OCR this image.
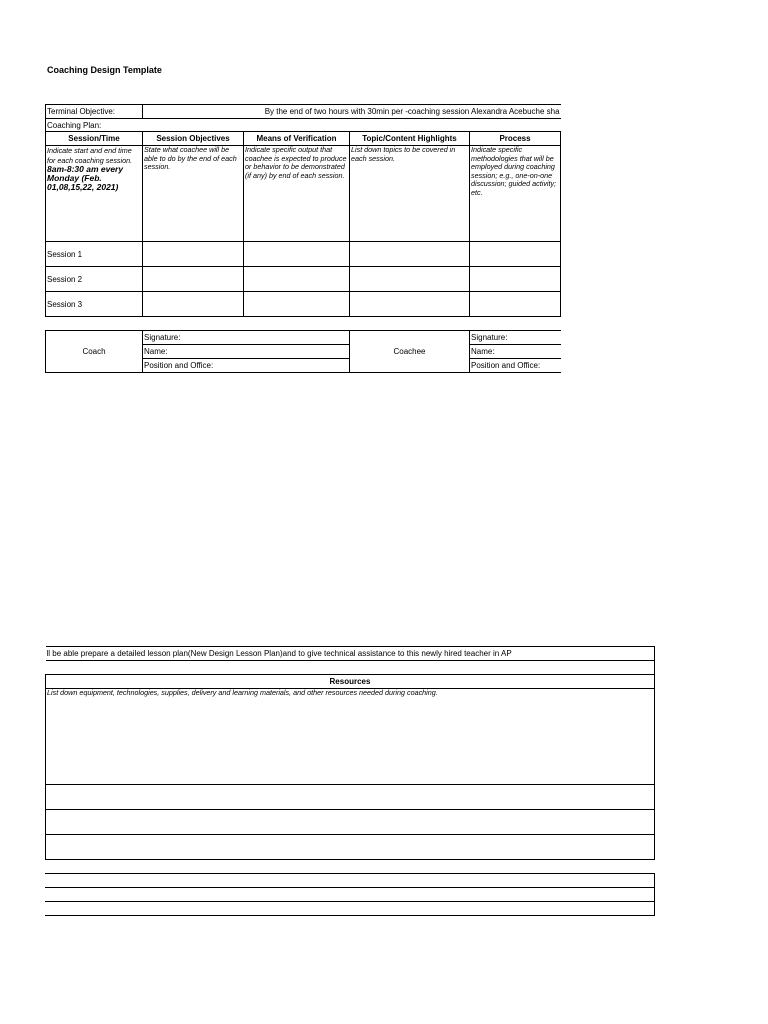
Coaching Design Template
Terminal Objective:	By the end of two hours with 30min per -coaching session Alexandra Acebuche sha			
Coaching Plan:				
Session/Time	Session Objectives	Means of Verification	Topic/Content Highlights	Process
Indicate start and end time for each coaching session. 8am-8:30 am every Monday (Feb. 01,08,15,22, 2021)	State what coachee will be able to do by the end of each session.	Indicate specific output that coachee is expected to produce or behavior to be demonstrated (if any) by end of each session.	List down topics to be covered in each session.	Indicate specific methodologies that will be employed during coaching session; e.g., one-on-one discussion; guided activity; etc.
Session 1				
Session 2				
Session 3				
Coach	Signature:	Coachee	Signature:
	Name:		Name:
	Position and Office:		Position and Office:
ll be able prepare a detailed lesson plan(New Design Lesson Plan)and to give technical assistance to this newly hired teacher in AP

Resources
List down equipment, technologies, supplies, delivery and learning materials, and other resources needed during coaching.
